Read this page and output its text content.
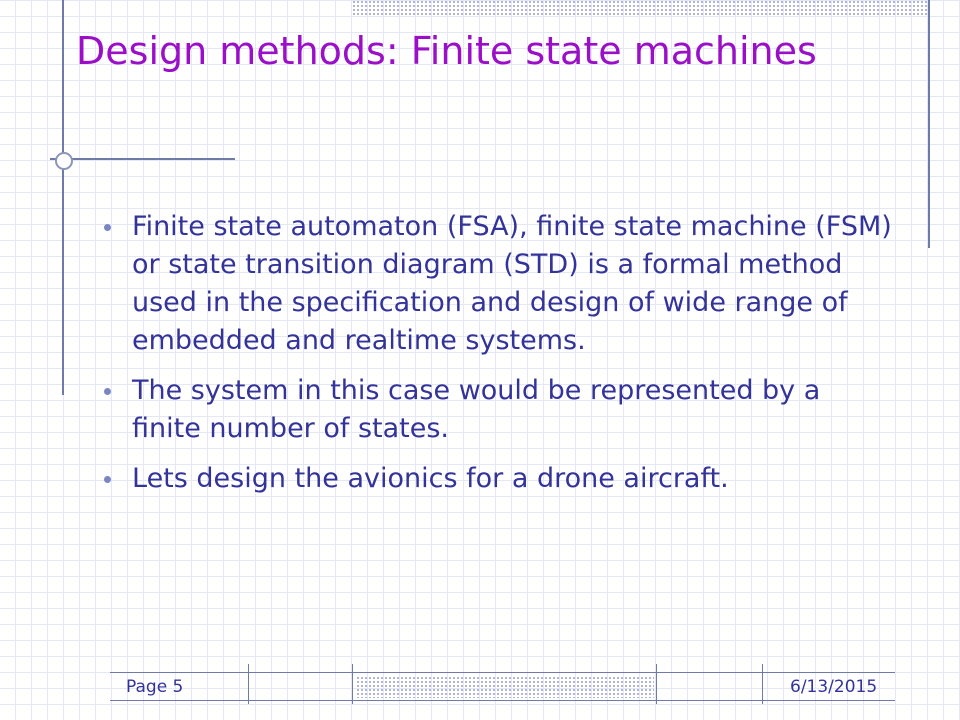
Design methods: Finite state machines
Finite state automaton (FSA), finite state machine (FSM) or state transition diagram (STD) is a formal method used in the specification and design of wide range of embedded and realtime systems.
The system in this case would be represented by a finite number of states.
Lets design the avionics for a drone aircraft.
Page 5	6/13/2015
